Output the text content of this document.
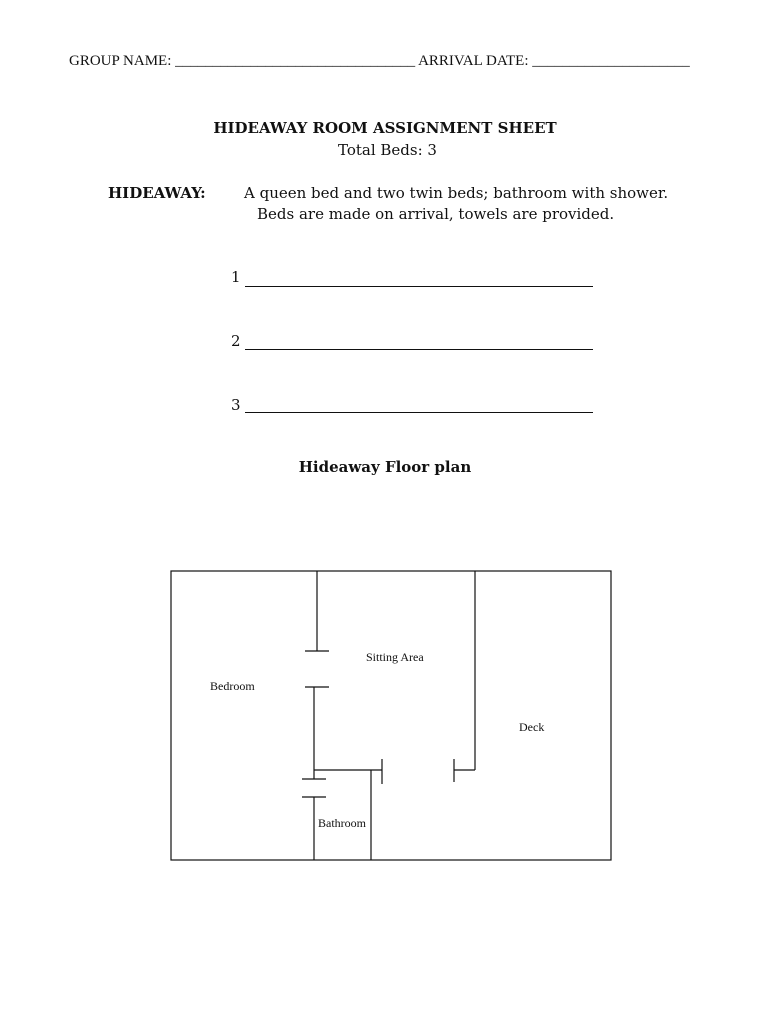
GROUP NAME: ________________________________ ARRIVAL DATE: _____________________
HIDEAWAY ROOM ASSIGNMENT SHEET
Total Beds: 3
HIDEAWAY:	A queen bed and two twin beds; bathroom with shower.
Beds are made on arrival, towels are provided.
1
2
3
Hideaway Floor plan
Sitting Area
Bedroom
Deck
Bathroom
